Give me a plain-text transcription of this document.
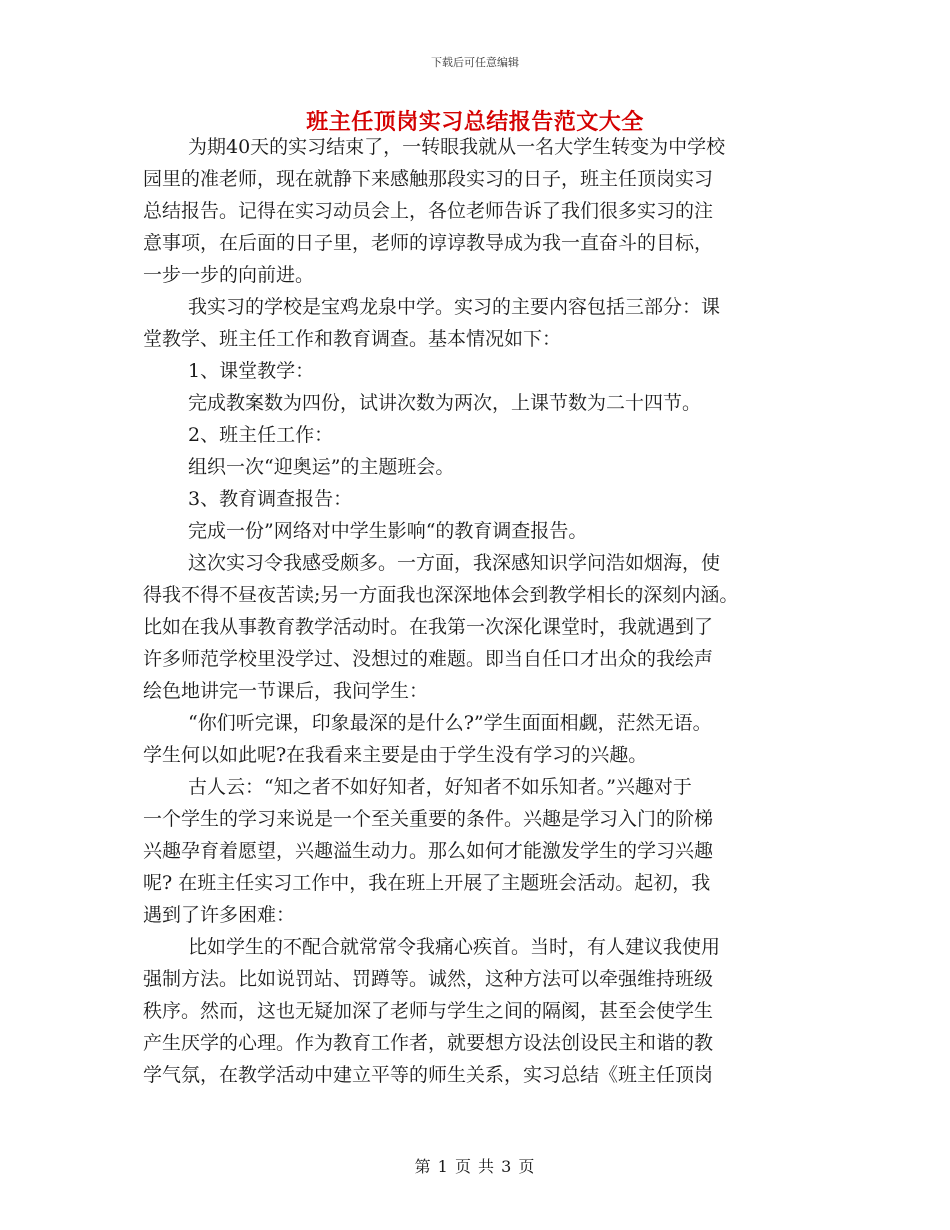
下载后可任意编辑
班主任顶岗实习总结报告范文大全
为期40天的实习结束了，一转眼我就从一名大学生转变为中学校
园里的准老师，现在就静下来感触那段实习的日子，班主任顶岗实习
总结报告。记得在实习动员会上，各位老师告诉了我们很多实习的注
意事项，在后面的日子里，老师的谆谆教导成为我一直奋斗的目标，
一步一步的向前进。
我实习的学校是宝鸡龙泉中学。实习的主要内容包括三部分：课
堂教学、班主任工作和教育调查。基本情况如下：
1、课堂教学：
完成教案数为四份，试讲次数为两次，上课节数为二十四节。
2、班主任工作：
组织一次“迎奥运”的主题班会。
3、教育调查报告：
完成一份”网络对中学生影响“的教育调查报告。
这次实习令我感受颇多。一方面，我深感知识学问浩如烟海，使
得我不得不昼夜苦读;另一方面我也深深地体会到教学相长的深刻内涵。
比如在我从事教育教学活动时。在我第一次深化课堂时，我就遇到了
许多师范学校里没学过、没想过的难题。即当自任口才出众的我绘声
绘色地讲完一节课后，我问学生：
“你们听完课，印象最深的是什么?”学生面面相觑，茫然无语。
学生何以如此呢?在我看来主要是由于学生没有学习的兴趣。
古人云：“知之者不如好知者，好知者不如乐知者。”兴趣对于
一个学生的学习来说是一个至关重要的条件。兴趣是学习入门的阶梯
兴趣孕育着愿望，兴趣溢生动力。那么如何才能激发学生的学习兴趣
呢? 在班主任实习工作中，我在班上开展了主题班会活动。起初，我
遇到了许多困难：
比如学生的不配合就常常令我痛心疾首。当时，有人建议我使用
强制方法。比如说罚站、罚蹲等。诚然，这种方法可以牵强维持班级
秩序。然而，这也无疑加深了老师与学生之间的隔阂，甚至会使学生
产生厌学的心理。作为教育工作者，就要想方设法创设民主和谐的教
学气氛，在教学活动中建立平等的师生关系，实习总结《班主任顶岗
第 1 页 共 3 页
